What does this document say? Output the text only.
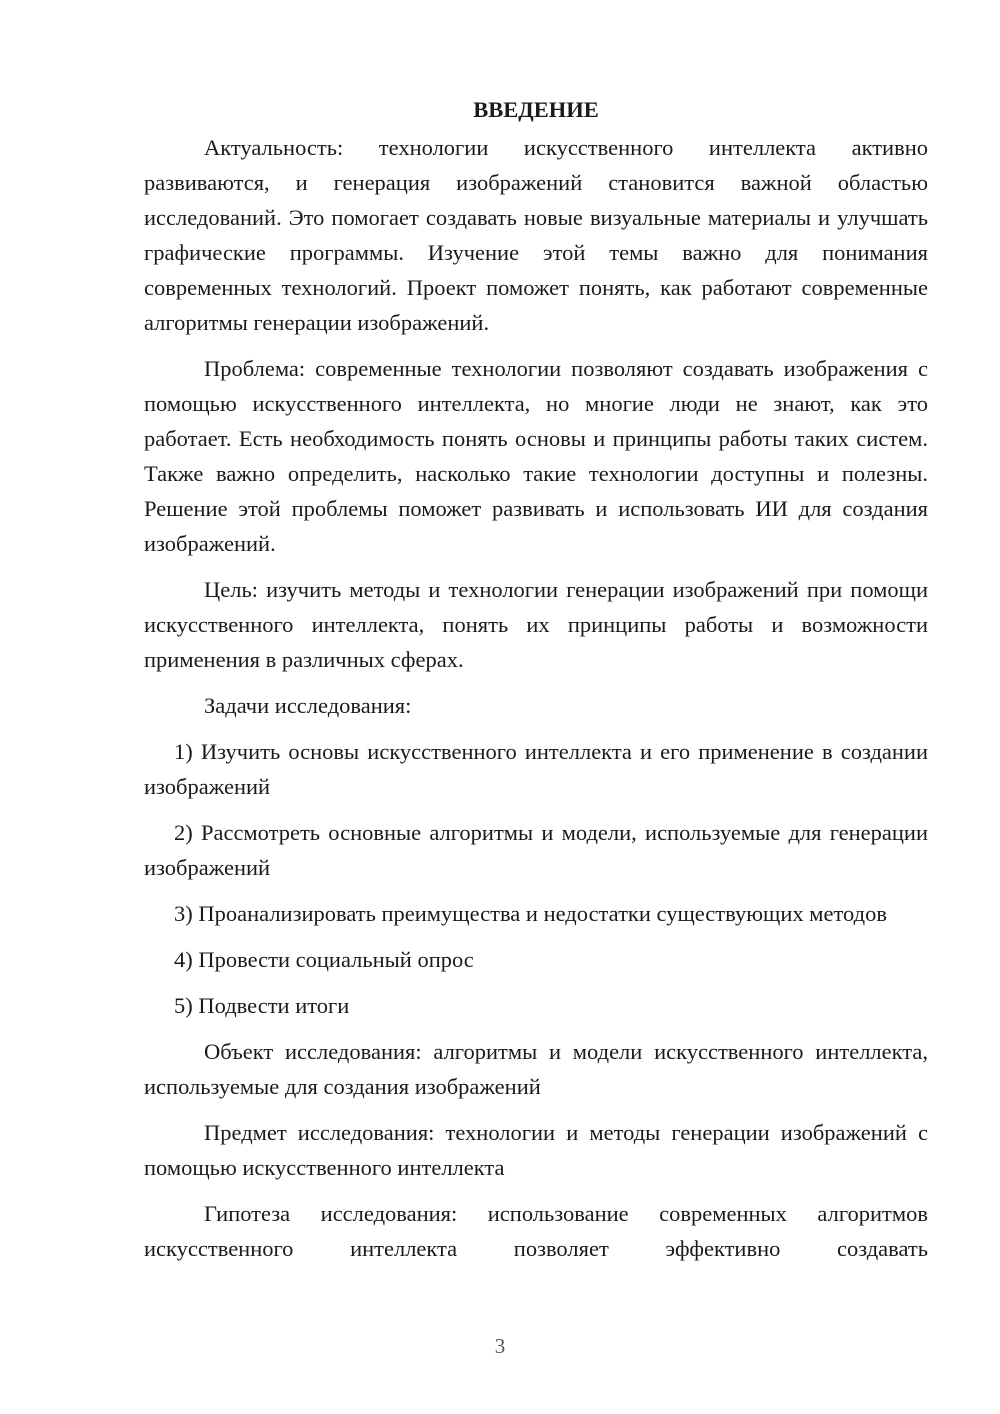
ВВЕДЕНИЕ

Актуальность: технологии искусственного интеллекта активно развиваются, и генерация изображений становится важной областью исследований. Это помогает создавать новые визуальные материалы и улучшать графические программы. Изучение этой темы важно для понимания современных технологий. Проект поможет понять, как работают современные алгоритмы генерации изображений.

Проблема: современные технологии позволяют создавать изображения с помощью искусственного интеллекта, но многие люди не знают, как это работает. Есть необходимость понять основы и принципы работы таких систем. Также важно определить, насколько такие технологии доступны и полезны. Решение этой проблемы поможет развивать и использовать ИИ для создания изображений.

Цель: изучить методы и технологии генерации изображений при помощи искусственного интеллекта, понять их принципы работы и возможности применения в различных сферах.

Задачи исследования:

1) Изучить основы искусственного интеллекта и его применение в создании изображений

2) Рассмотреть основные алгоритмы и модели, используемые для генерации изображений

3) Проанализировать преимущества и недостатки существующих методов

4) Провести социальный опрос

5) Подвести итоги

Объект исследования: алгоритмы и модели искусственного интеллекта, используемые для создания изображений

Предмет исследования: технологии и методы генерации изображений с помощью искусственного интеллекта

Гипотеза исследования: использование современных алгоритмов искусственного интеллекта позволяет эффективно создавать

3
